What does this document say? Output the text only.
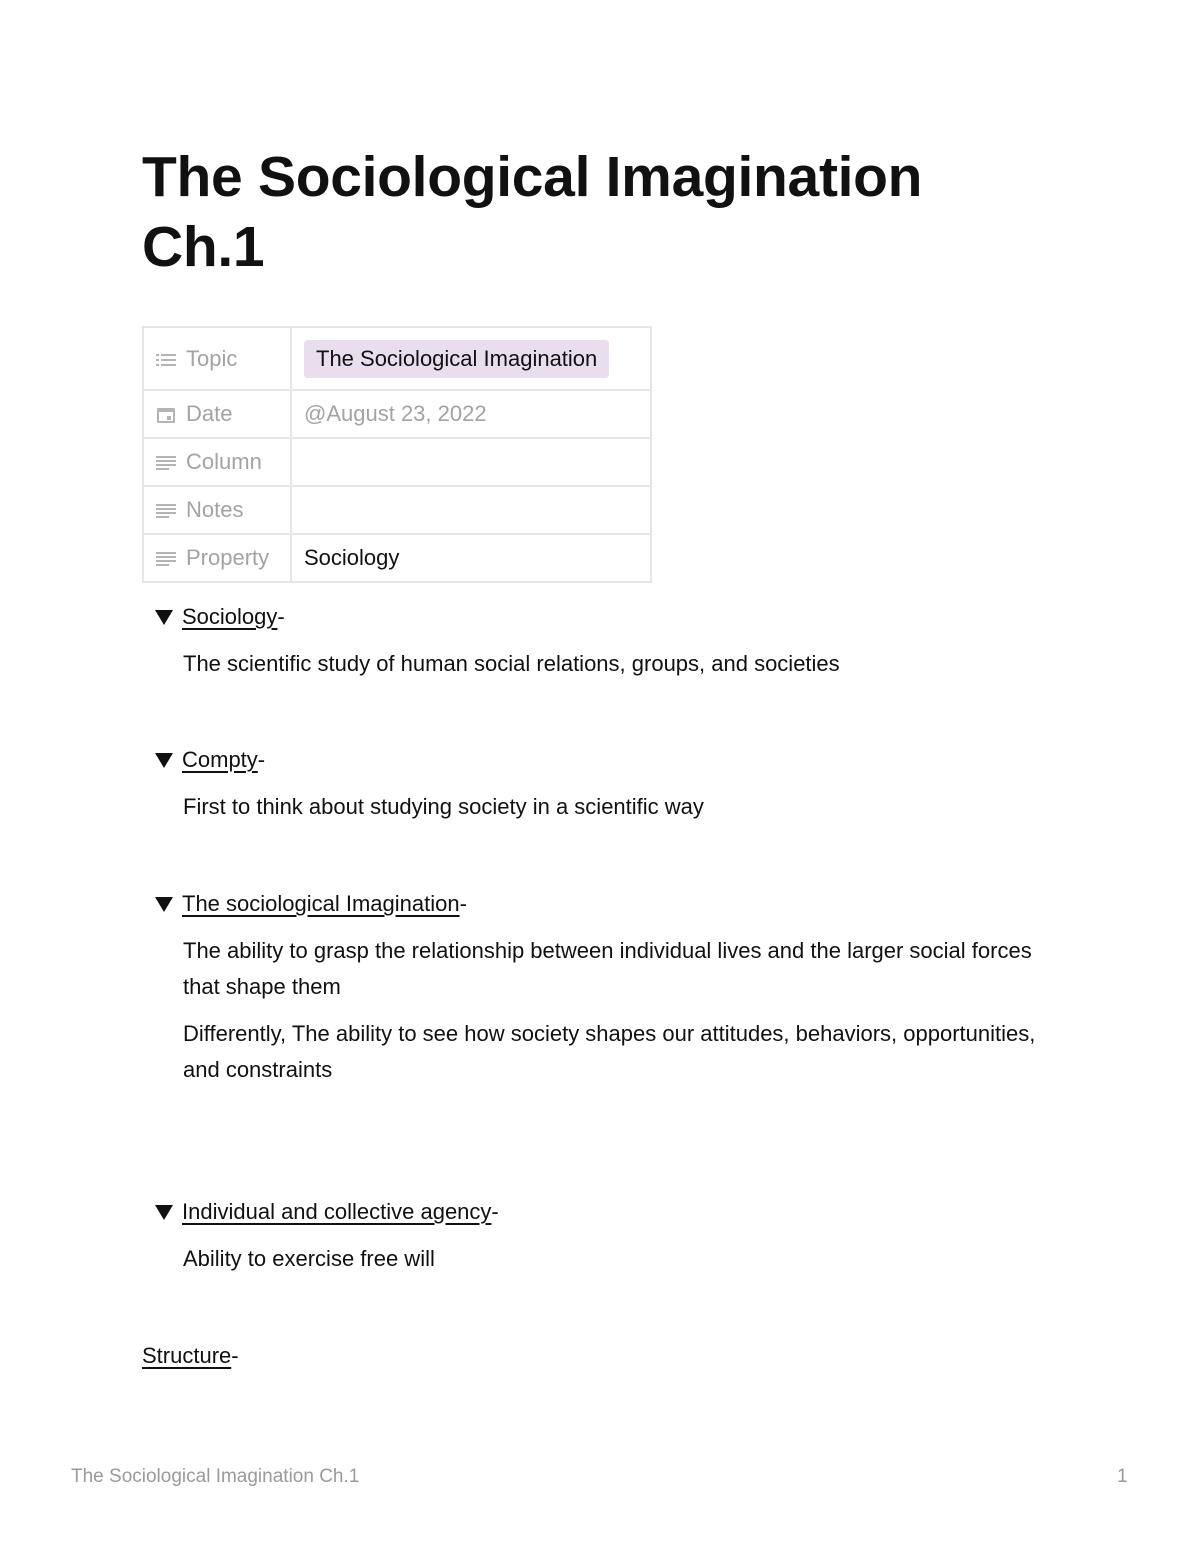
The Sociological Imagination Ch.1
Topic	The Sociological Imagination
Date	@August 23, 2022
Column	
Notes	
Property	Sociology
Sociology-
The scientific study of human social relations, groups, and societies
Compty-
First to think about studying society in a scientific way
The sociological Imagination-
The ability to grasp the relationship between individual lives and the larger social forces that shape them
Differently, The ability to see how society shapes our attitudes, behaviors, opportunities, and constraints
Individual and collective agency-
Ability to exercise free will
Structure-
The Sociological Imagination Ch.1	1
